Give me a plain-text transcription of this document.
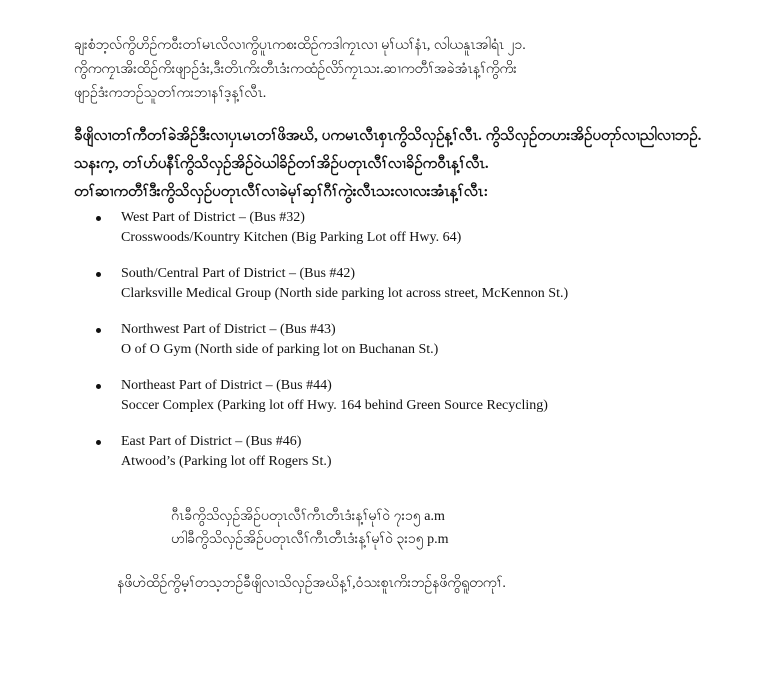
ချးစံဘ့လ်ကွိဟိဉ်ကဝီးတၢ်မၤလိလၢကွိပူၤကစးထိဉ်ကဒါကၠၤလၢ မုၢ်ယၢ်နံၤ, လါယနူၤအါရံၤ ၂၁.

ကွိကကၠၤအိးထိဉ်ကိးဖျာဉ်ဒံး,ဒီးတိၤကိးတီၤဒံးကထံဉ်လိာ်ကၠၤသး.ဆၢကတီၢ်အခဲအံၤန့ၢ်ကွိကိး

ဖျာဉ်ဒံးကဘဉ်သူတၢ်ကးဘၢနၢ်ဒ့န့ၢ်လီၤ.

ခီဖျိလၢတၢ်ကီတၢ်ခဲအိဉ်ဒီးလၢပှၤမၤတၢ်ဖိအဃိ, ပကမၤလီၤစှၤကွိသိလှဉ်န့ၢ်လီၤ. ကွိသိလှဉ်တဟးအိဉ်ပတုာ်လၢညါလၢဘဉ်.

သနးက့, တၢ်ဟ်ပနီၤ်ကွိသိလှဉ်အိဉ်ဝဲယါခိဉ်တၢ်အိဉ်ပတုၤလီၢ်လၢခိဉ်ကဝီၤန့ၢ်လီၤ.

တၢ်ဆၢကတီၢ်ဒီးကွိသိလှဉ်ပတုၤလီၢ်လၢခဲမုၢ်ဆှၢ်ဂီၢ်ကွဲးလီၤသးလၢလးအံၤန့ၢ်လီၤ:

West Part of District – (Bus #32)
Crosswoods/Kountry Kitchen (Big Parking Lot off Hwy. 64)
South/Central Part of District – (Bus #42)
Clarksville Medical Group (North side parking lot across street, McKennon St.)
Northwest Part of District – (Bus #43)
O of O Gym (North side of parking lot on Buchanan St.)
Northeast Part of District – (Bus #44)
Soccer Complex (Parking lot off Hwy. 164 behind Green Source Recycling)
East Part of District – (Bus #46)
Atwood’s (Parking lot off Rogers St.)

ဂီၤခီကွိသိလှဉ်အိဉ်ပတုၤလီၢ်ကီၤတီၤဒံးန့ၢ်မုၢ်ဝဲ ၇း၁၅ a.m

ဟါခီကွိသိလှဉ်အိဉ်ပတုၤလီၢ်ကီၤတီၤဒံးန့ၢ်မုၢ်ဝဲ ၃း၁၅ p.m

နဖိဟဲထိဉ်ကွိမ့ၢ်တသ့ဘဉ်ခီဖျိလၢသိလှဉ်အဃိန့ၢ်,ဝံသးစူၤကိးဘဉ်နဖိကွိရူတကုၢ်.
